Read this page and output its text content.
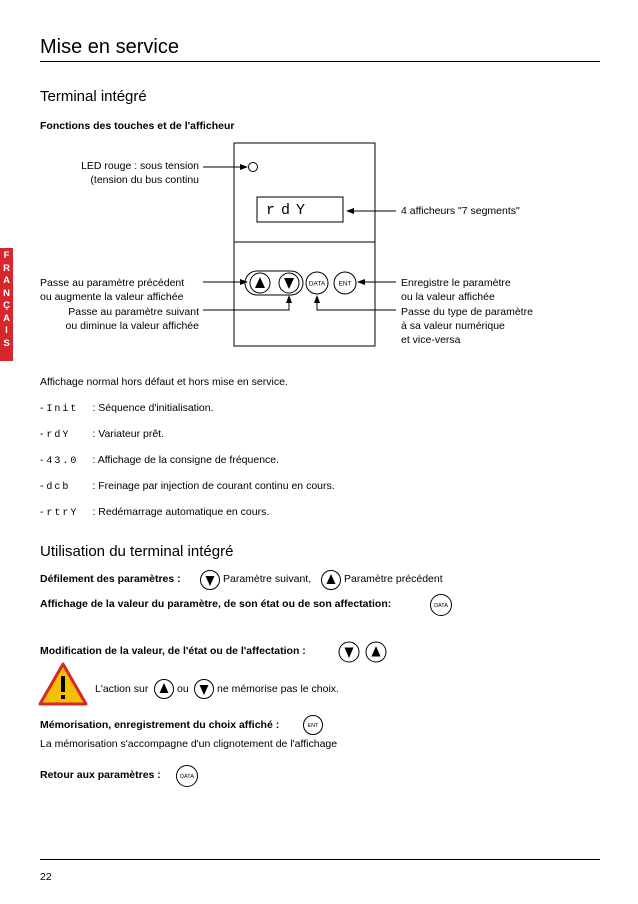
Mise en service
F
R
A
N
Ç
A
I
S
Terminal intégré
Fonctions des touches et de l'afficheur
DATA ENT
rdY
LED rouge : sous tension
(tension du bus continu
4 afficheurs "7 segments"
Passe au paramètre précédent
ou augmente la valeur affichée
Passe au paramètre suivant
ou diminue la valeur affichée
Enregistre le paramètre
ou la valeur affichée
Passe du type de paramètre
à sa valeur numérique
et vice-versa
Affichage normal hors défaut et hors mise en service.
- Init : Séquence d'initialisation.
- rdY : Variateur prêt.
- 43.0 : Affichage de la consigne de fréquence.
- dcb : Freinage par injection de courant continu en cours.
- rtrY : Redémarrage automatique en cours.
Utilisation du terminal intégré
Défilement des paramètres :	Paramètre suivant,	Paramètre précédent
Affichage de la valeur du paramètre, de son état ou de son affectation:	DATA
Modification de la valeur, de l'état ou de l'affectation :
L'action sur	ou	ne mémorise pas le choix.
Mémorisation, enregistrement du choix affiché :	ENT
La mémorisation s'accompagne d'un clignotement de l'affichage
Retour aux paramètres :	DATA
22
